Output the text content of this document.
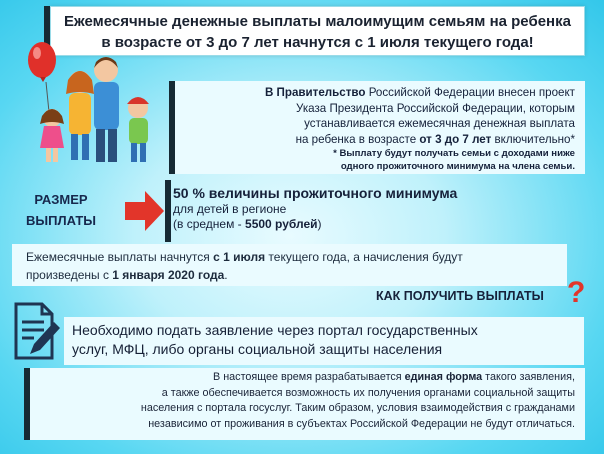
Ежемесячные денежные выплаты малоимущим семьям на ребенка
в возрасте от 3 до 7 лет начнутся с 1 июля текущего года!
В Правительство Российской Федерации внесен проект
Указа Президента Российской Федерации, которым
устанавливается ежемесячная денежная выплата
на ребенка в возрасте от 3 до 7 лет включительно*
* Выплату будут получать семьи с доходами ниже
одного прожиточного минимума на члена семьи.
РАЗМЕР
ВЫПЛАТЫ
50 % величины прожиточного минимума
для детей в регионе
(в среднем - 5500 рублей)
Ежемесячные выплаты начнутся с 1 июля текущего года, а начисления будут
произведены с 1 января 2020 года.
КАК ПОЛУЧИТЬ ВЫПЛАТЫ ?
Необходимо подать заявление через портал государственных
услуг, МФЦ, либо органы социальной защиты населения
В настоящее время разрабатывается единая форма такого заявления,
а также обеспечивается возможность их получения органами социальной защиты
населения с портала госуслуг. Таким образом, условия взаимодействия с гражданами
независимо от проживания в субъектах Российской Федерации не будут отличаться.
